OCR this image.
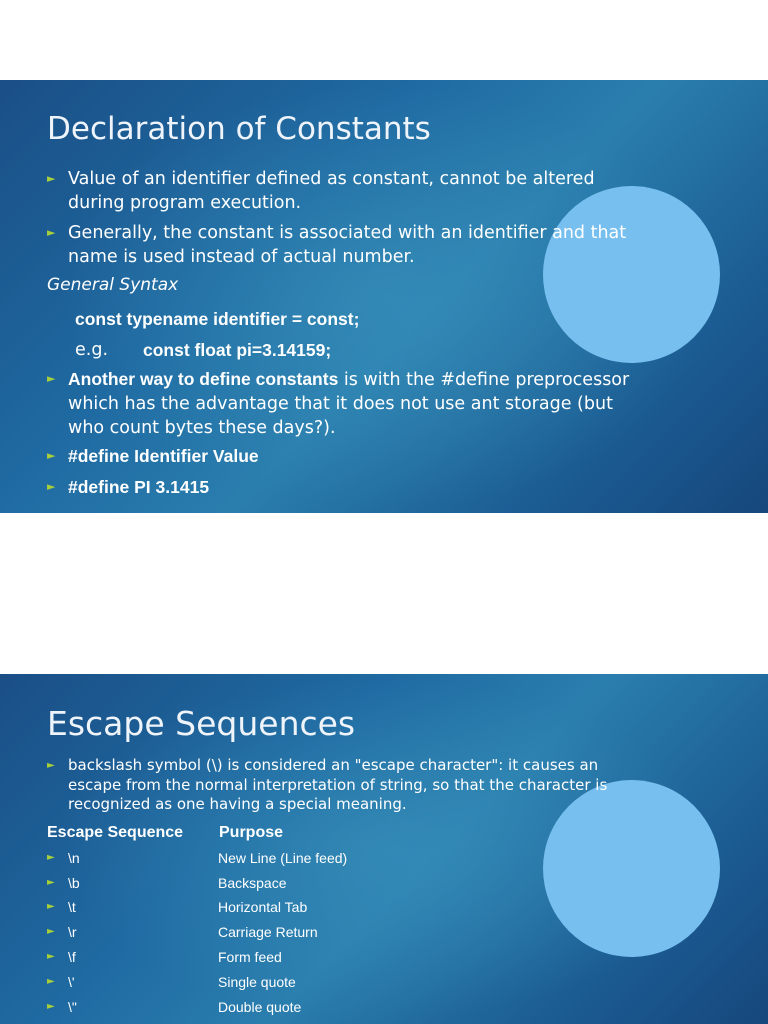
Declaration of Constants
► Value of an identifier defined as constant, cannot be altered during program execution.
► Generally, the constant is associated with an identifier and that name is used instead of actual number.
General Syntax
const typename identifier = const;
e.g. const float pi=3.14159;
► Another way to define constants is with the #define preprocessor which has the advantage that it does not use ant storage (but who count bytes these days?).
► #define Identifier Value
► #define PI 3.1415
Escape Sequences
► backslash symbol (\) is considered an "escape character": it causes an escape from the normal interpretation of string, so that the character is recognized as one having a special meaning.
Escape Sequence Purpose
► \n	New Line (Line feed)
► \b	Backspace
► \t	Horizontal Tab
► \r	Carriage Return
► \f	Form feed
► \'	Single quote
► \"	Double quote
